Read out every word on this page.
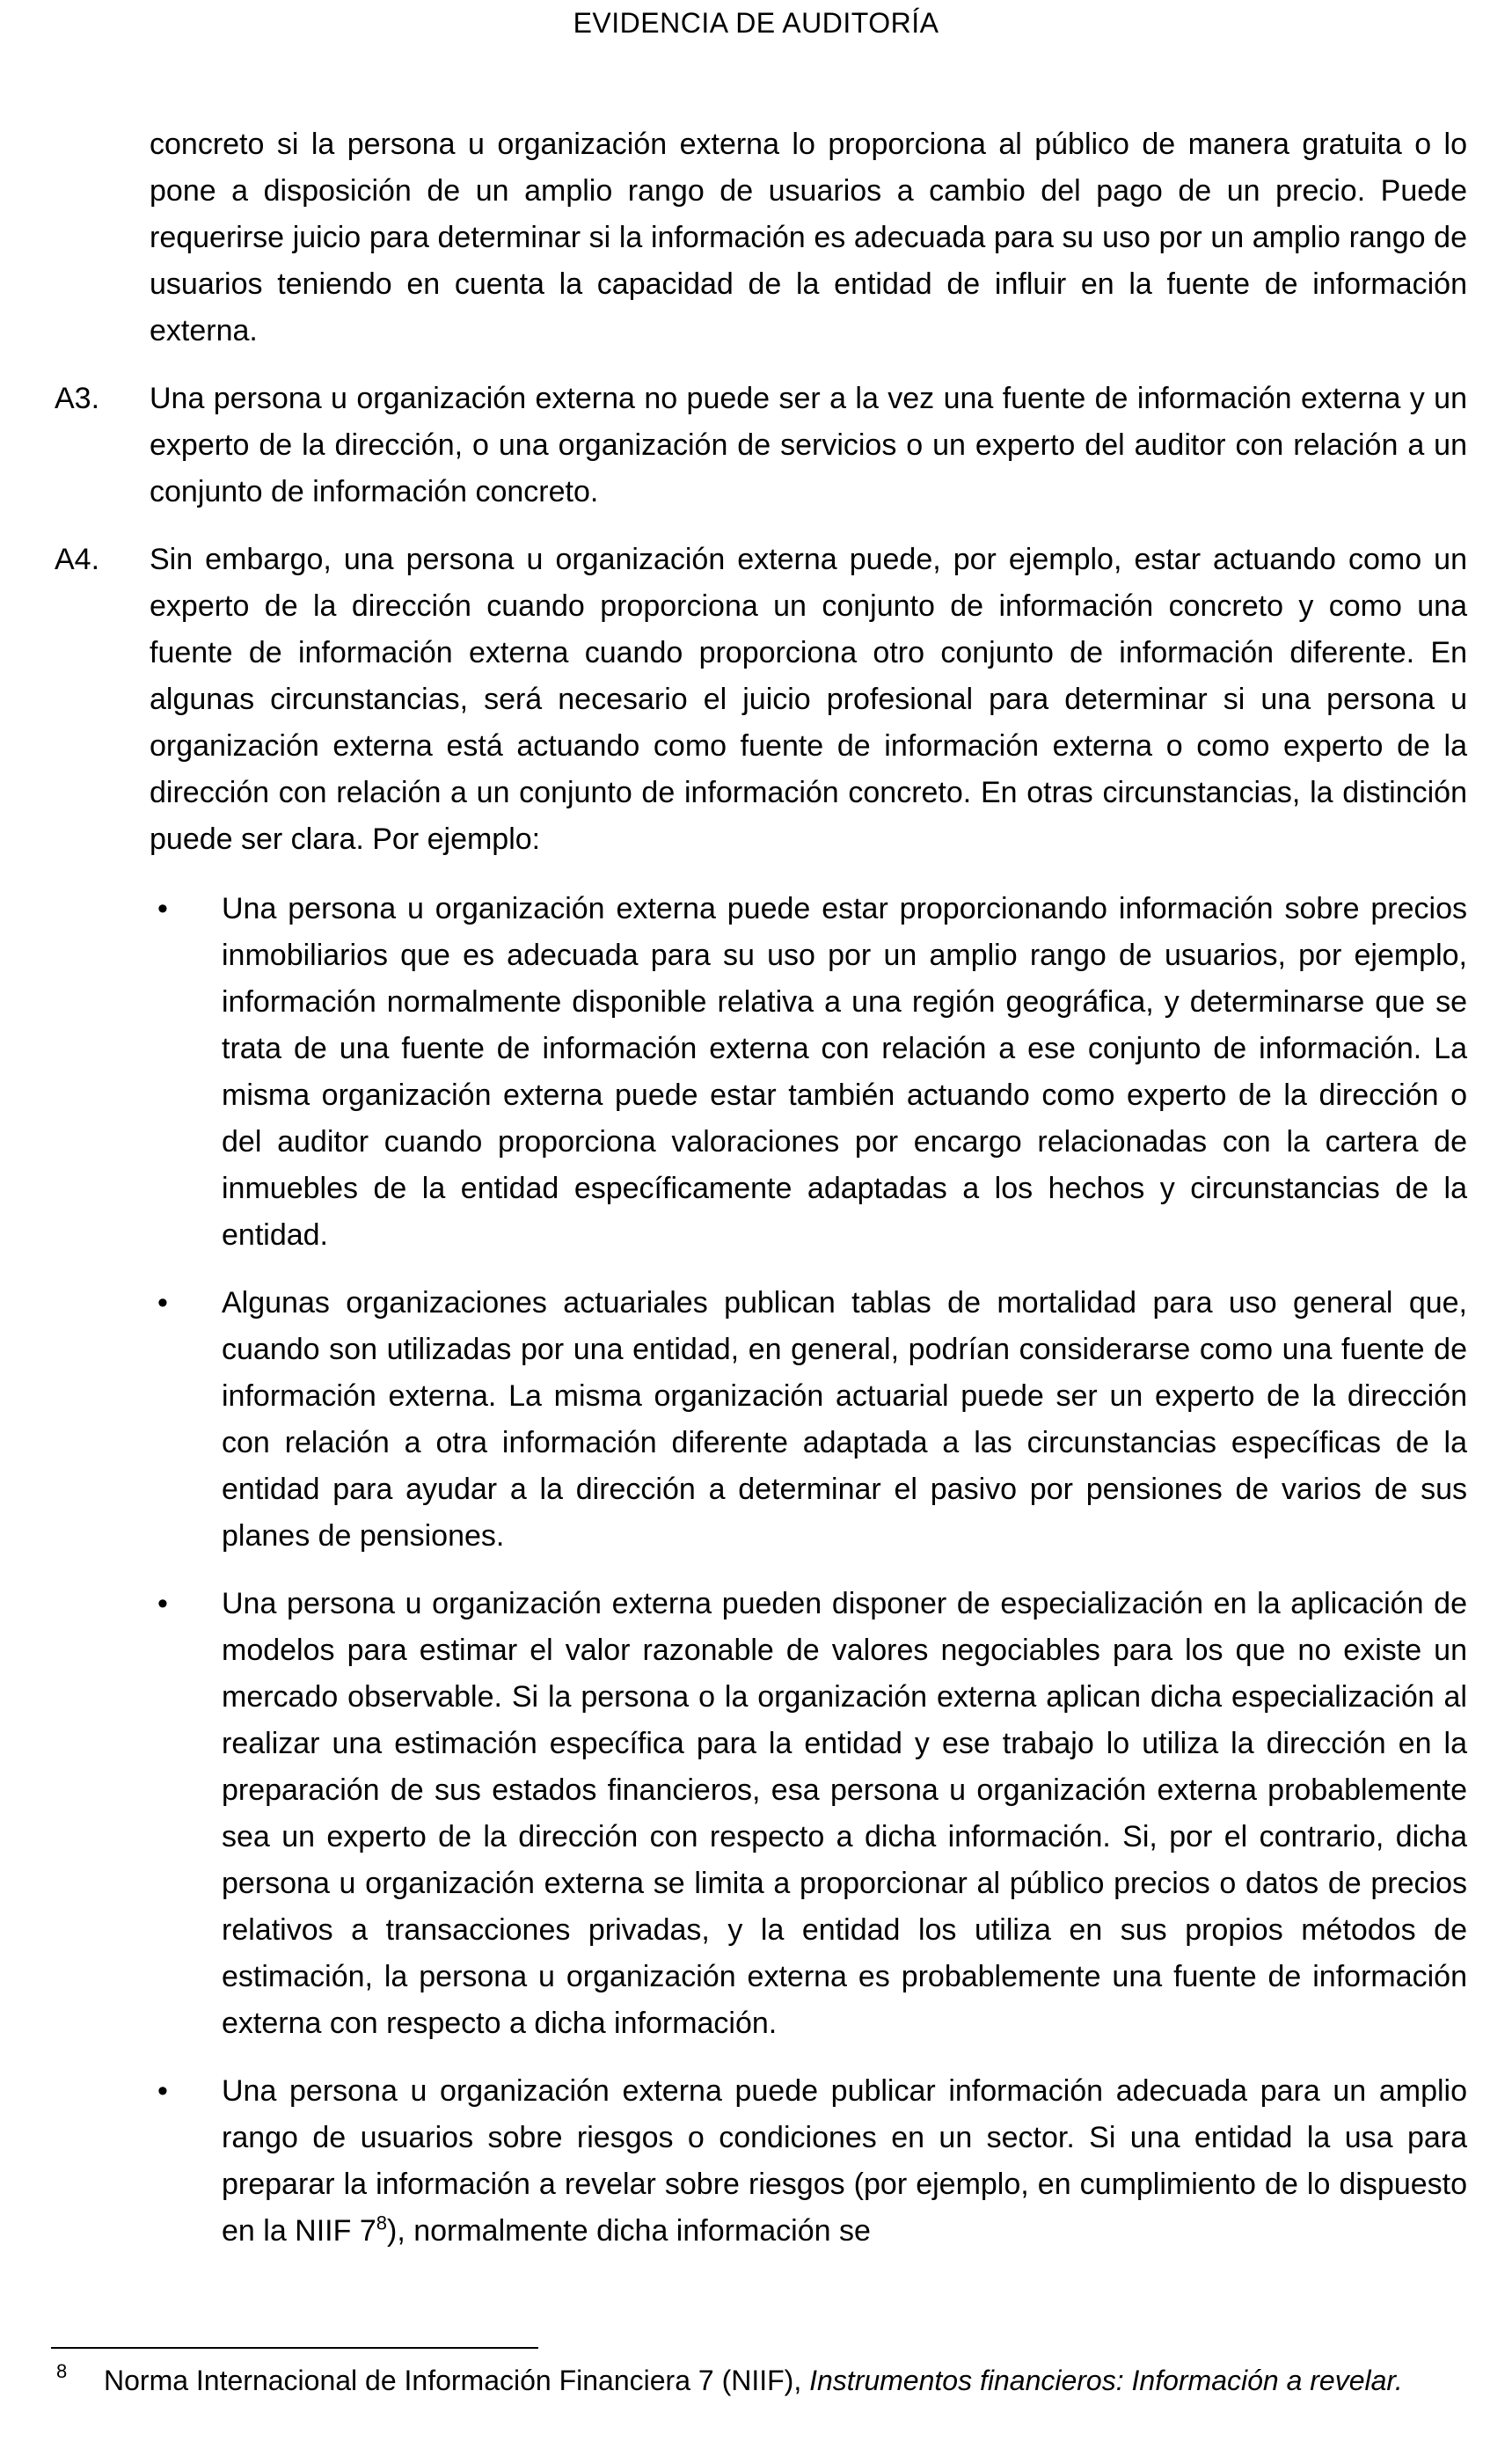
EVIDENCIA DE AUDITORÍA

concreto si la persona u organización externa lo proporciona al público de manera gratuita o lo pone a disposición de un amplio rango de usuarios a cambio del pago de un precio. Puede requerirse juicio para determinar si la información es adecuada para su uso por un amplio rango de usuarios teniendo en cuenta la capacidad de la entidad de influir en la fuente de información externa.

A3.	Una persona u organización externa no puede ser a la vez una fuente de información externa y un experto de la dirección, o una organización de servicios o un experto del auditor con relación a un conjunto de información concreto.
A4.	Sin embargo, una persona u organización externa puede, por ejemplo, estar actuando como un experto de la dirección cuando proporciona un conjunto de información concreto y como una fuente de información externa cuando proporciona otro conjunto de información diferente. En algunas circunstancias, será necesario el juicio profesional para determinar si una persona u organización externa está actuando como fuente de información externa o como experto de la dirección con relación a un conjunto de información concreto. En otras circunstancias, la distinción puede ser clara. Por ejemplo:
• Una persona u organización externa puede estar proporcionando información sobre precios inmobiliarios que es adecuada para su uso por un amplio rango de usuarios, por ejemplo, información normalmente disponible relativa a una región geográfica, y determinarse que se trata de una fuente de información externa con relación a ese conjunto de información. La misma organización externa puede estar también actuando como experto de la dirección o del auditor cuando proporciona valoraciones por encargo relacionadas con la cartera de inmuebles de la entidad específicamente adaptadas a los hechos y circunstancias de la entidad.
• Algunas organizaciones actuariales publican tablas de mortalidad para uso general que, cuando son utilizadas por una entidad, en general, podrían considerarse como una fuente de información externa. La misma organización actuarial puede ser un experto de la dirección con relación a otra información diferente adaptada a las circunstancias específicas de la entidad para ayudar a la dirección a determinar el pasivo por pensiones de varios de sus planes de pensiones.
• Una persona u organización externa pueden disponer de especialización en la aplicación de modelos para estimar el valor razonable de valores negociables para los que no existe un mercado observable. Si la persona o la organización externa aplican dicha especialización al realizar una estimación específica para la entidad y ese trabajo lo utiliza la dirección en la preparación de sus estados financieros, esa persona u organización externa probablemente sea un experto de la dirección con respecto a dicha información. Si, por el contrario, dicha persona u organización externa se limita a proporcionar al público precios o datos de precios relativos a transacciones privadas, y la entidad los utiliza en sus propios métodos de estimación, la persona u organización externa es probablemente una fuente de información externa con respecto a dicha información.
• Una persona u organización externa puede publicar información adecuada para un amplio rango de usuarios sobre riesgos o condiciones en un sector. Si una entidad la usa para preparar la información a revelar sobre riesgos (por ejemplo, en cumplimiento de lo dispuesto en la NIIF $7^8$), normalmente dicha información se
8 Norma Internacional de Información Financiera 7 (NIIF), Instrumentos financieros: Información a revelar.
